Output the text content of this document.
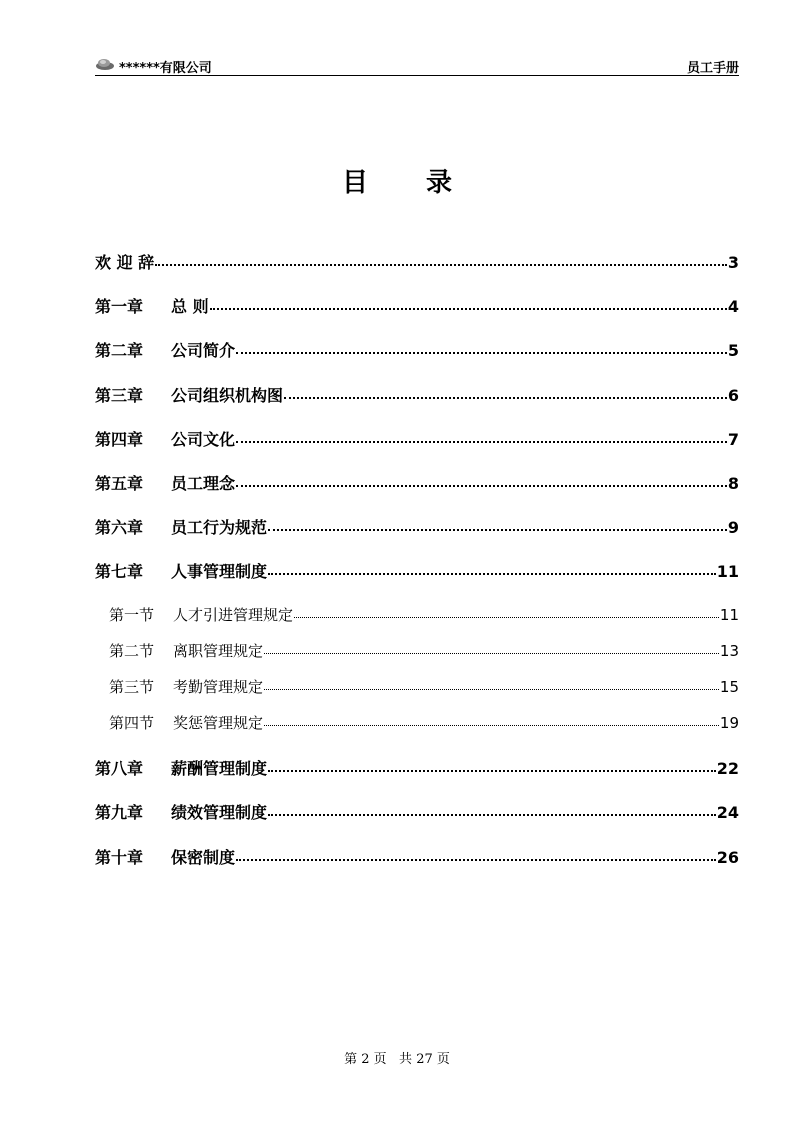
******有限公司	员工手册
目 录
欢 迎 辞	3
第一章 总 则	4
第二章 公司简介	5
第三章 公司组织机构图	6
第四章 公司文化	7
第五章 员工理念	8
第六章 员工行为规范	9
第七章 人事管理制度	11
第一节 人才引进管理规定	11
第二节 离职管理规定	13
第三节 考勤管理规定	15
第四节 奖惩管理规定	19
第八章 薪酬管理制度	22
第九章 绩效管理制度	24
第十章 保密制度	26
第 2 页   共 27 页
